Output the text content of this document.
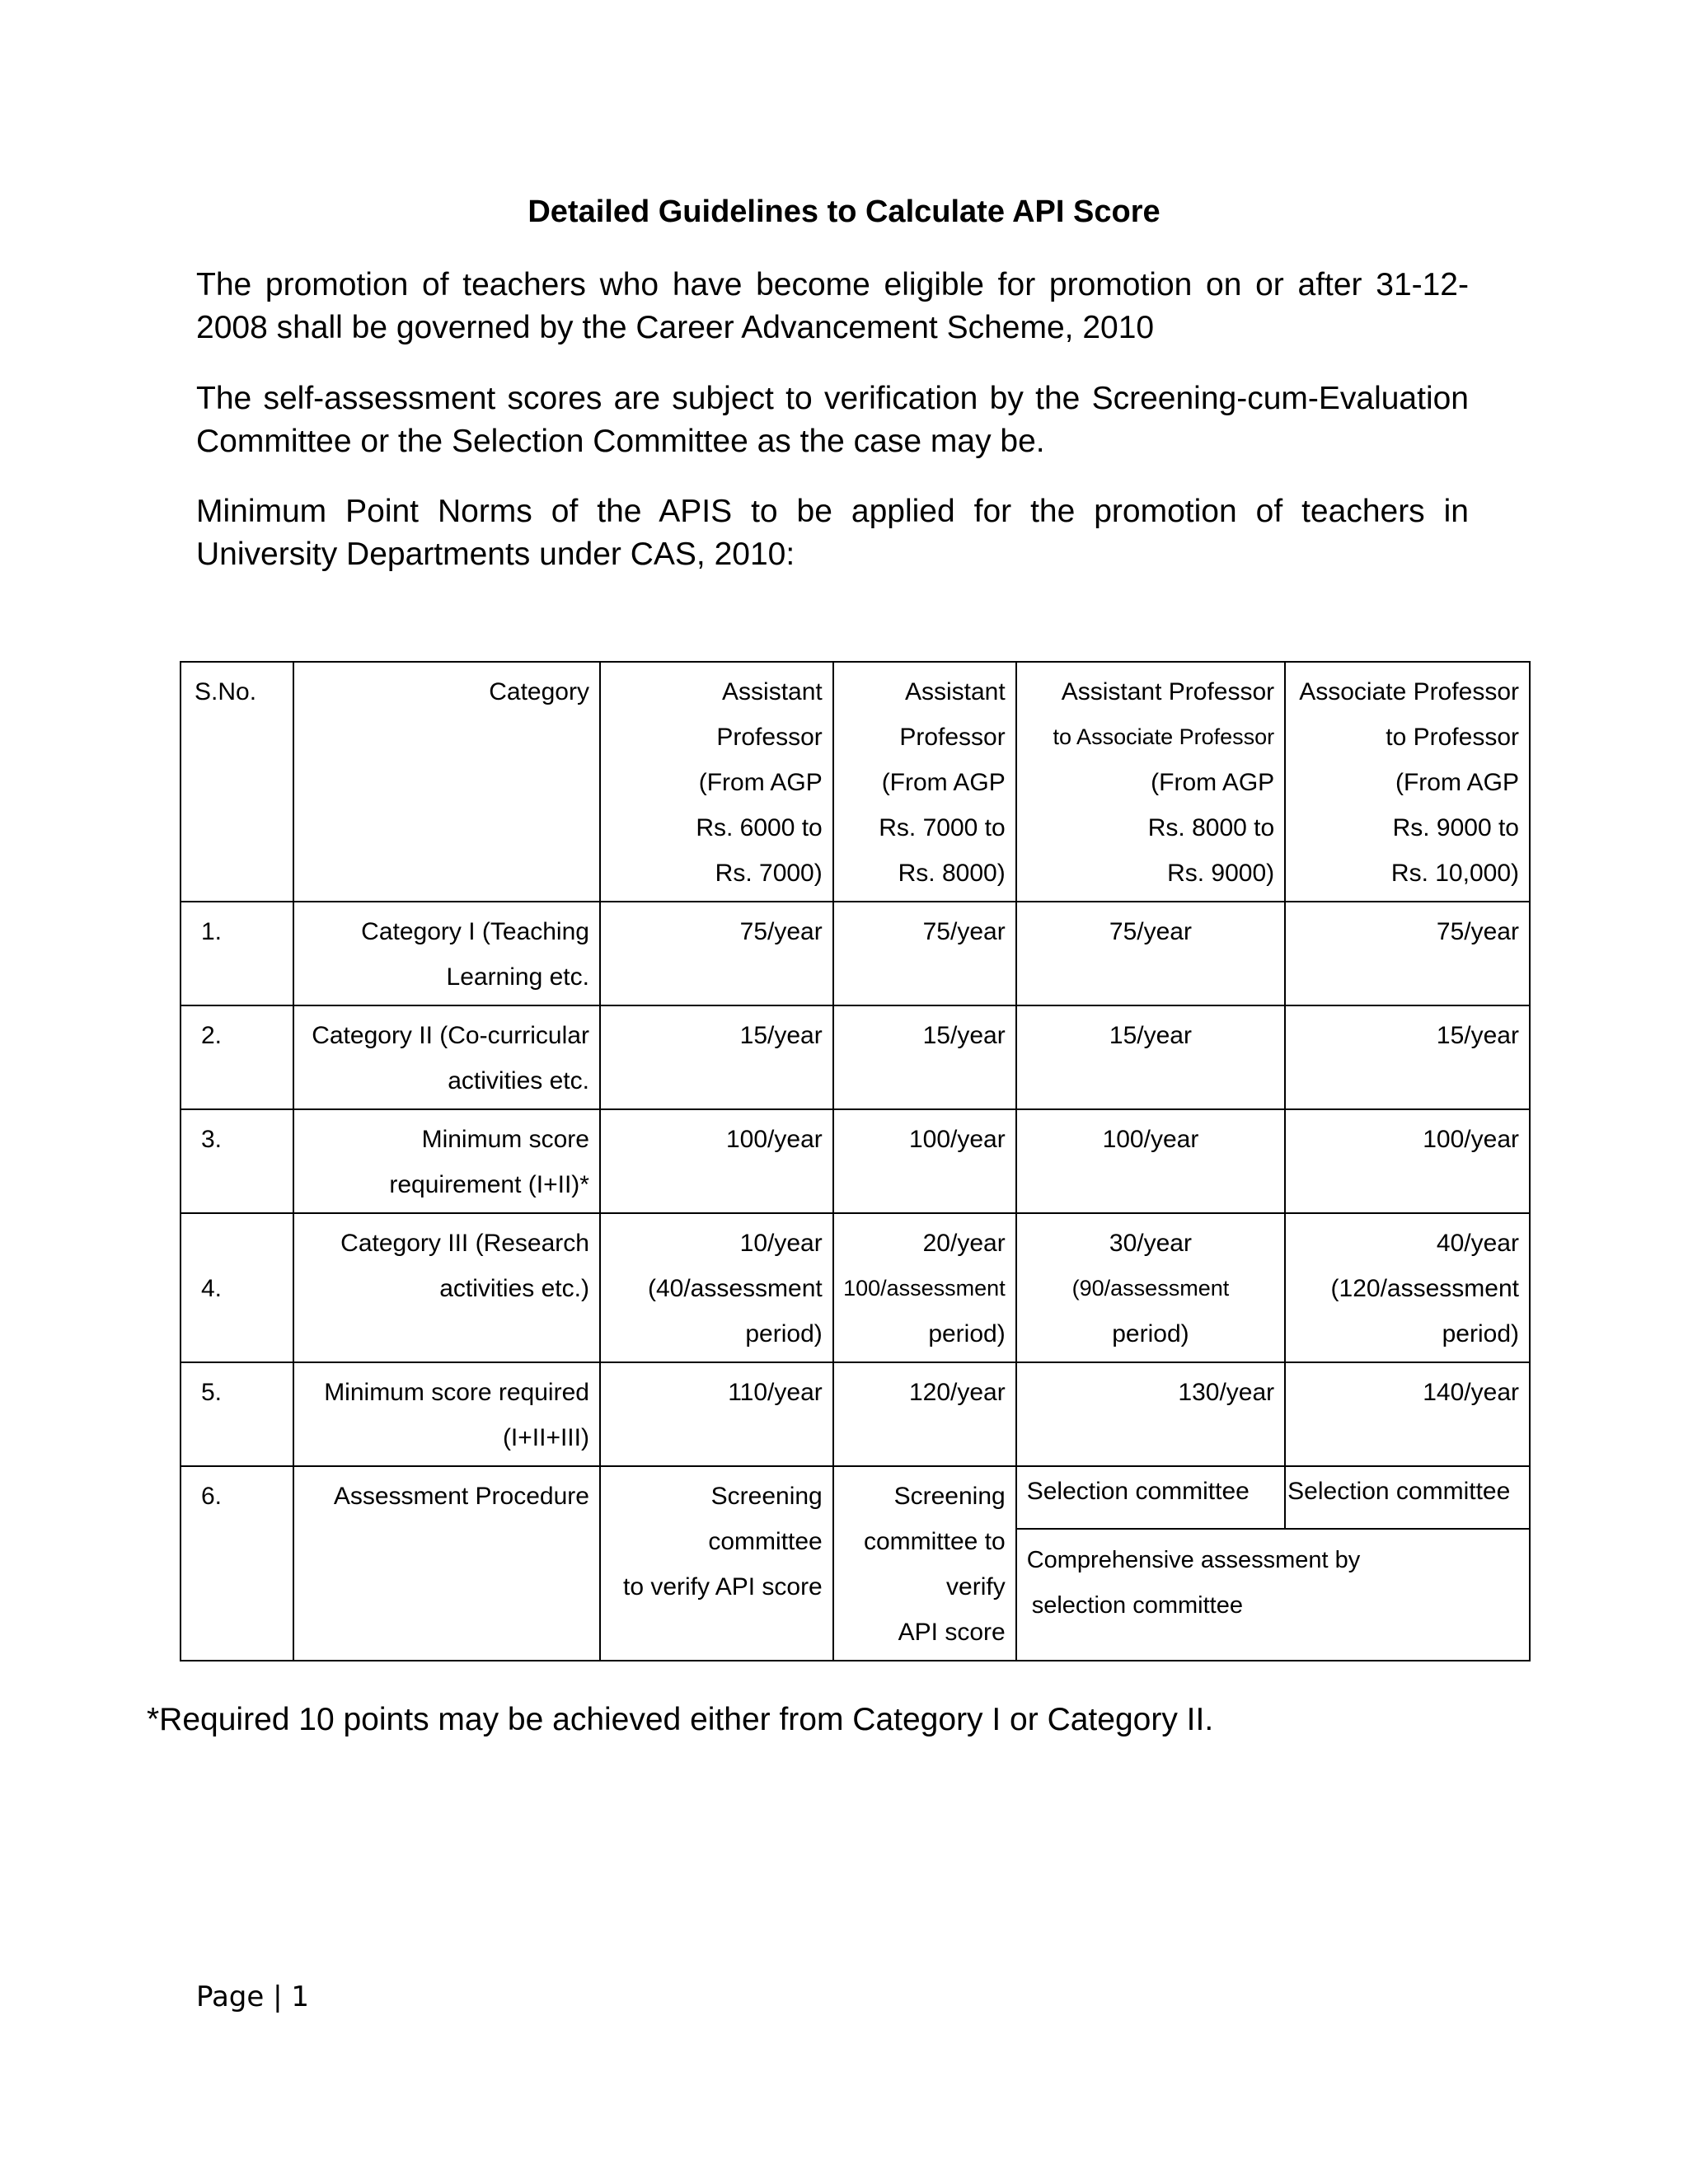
Detailed Guidelines to Calculate API Score
The promotion of teachers who have become eligible for promotion on or after 31-12-2008 shall be governed by the Career Advancement Scheme, 2010
The self-assessment scores are subject to verification by the Screening-cum-Evaluation Committee or the Selection Committee as the case may be.
Minimum Point Norms of the APIS to be applied for the promotion of teachers in University Departments under CAS, 2010:
S.No.	Category	Assistant Professor
(From AGP
Rs. 6000 to
Rs. 7000)	Assistant
Professor
(From AGP
Rs. 7000 to
Rs. 8000)	Assistant Professor
to Associate Professor
(From AGP
Rs. 8000 to
Rs. 9000)	Associate Professor
to Professor
(From AGP
Rs. 9000 to
Rs. 10,000)

1.	Category I (Teaching
Learning etc.	75/year	75/year	75/year	75/year
2.	Category II (Co-curricular
activities etc.	15/year	15/year	15/year	15/year
3.	Minimum score
requirement (I+II)*	100/year	100/year	100/year	100/year
4.	Category III (Research
activities etc.)	10/year
(40/assessment
period)	20/year
100/assessment
period)	30/year
(90/assessment
period)	40/year
(120/assessment
period)

5.	Minimum score required
(I+II+III)	110/year	120/year	130/year	140/year
6.	Assessment Procedure	Screening
committee
to verify API score	Screening
committee to
verify
API score	Selection committee	Selection committee

				Comprehensive assessment by
selection committee	
*Required 10 points may be achieved either from Category I or Category II.
Page | 1
